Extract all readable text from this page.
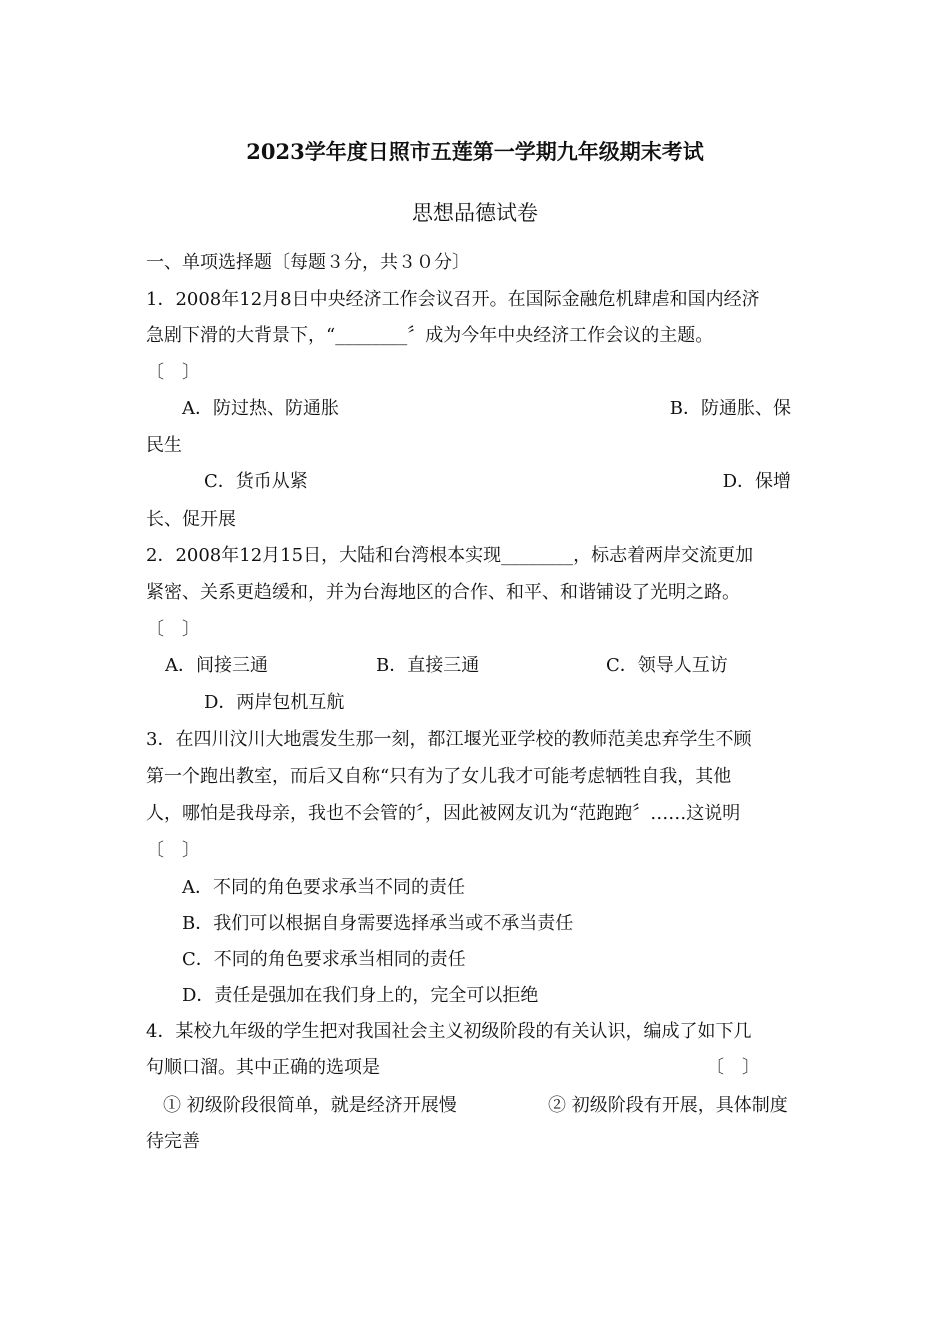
2023学年度日照市五莲第一学期九年级期末考试
思想品德试卷
一、单项选择题〔每题３分，共３０分〕
1．2008年12月8日中央经济工作会议召开。在国际金融危机肆虐和国内经济
急剧下滑的大背景下，“________〞成为今年中央经济工作会议的主题。
〔　〕
A．防过热、防通胀	B．防通胀、保
民生
C．货币从紧	D．保增
长、促开展
2．2008年12月15日，大陆和台湾根本实现________，标志着两岸交流更加
紧密、关系更趋缓和，并为台海地区的合作、和平、和谐铺设了光明之路。
〔　〕
A．间接三通	B．直接三通	C．领导人互访
D．两岸包机互航
3．在四川汶川大地震发生那一刻，都江堰光亚学校的教师范美忠弃学生不顾
第一个跑出教室，而后又自称“只有为了女儿我才可能考虑牺牲自我，其他
人，哪怕是我母亲，我也不会管的〞，因此被网友讥为“范跑跑〞……这说明
〔　〕
A．不同的角色要求承当不同的责任
B．我们可以根据自身需要选择承当或不承当责任
C．不同的角色要求承当相同的责任
D．责任是强加在我们身上的，完全可以拒绝
4．某校九年级的学生把对我国社会主义初级阶段的有关认识，编成了如下几
句顺口溜。其中正确的选项是	〔　〕
① 初级阶段很简单，就是经济开展慢	② 初级阶段有开展，具体制度
待完善
